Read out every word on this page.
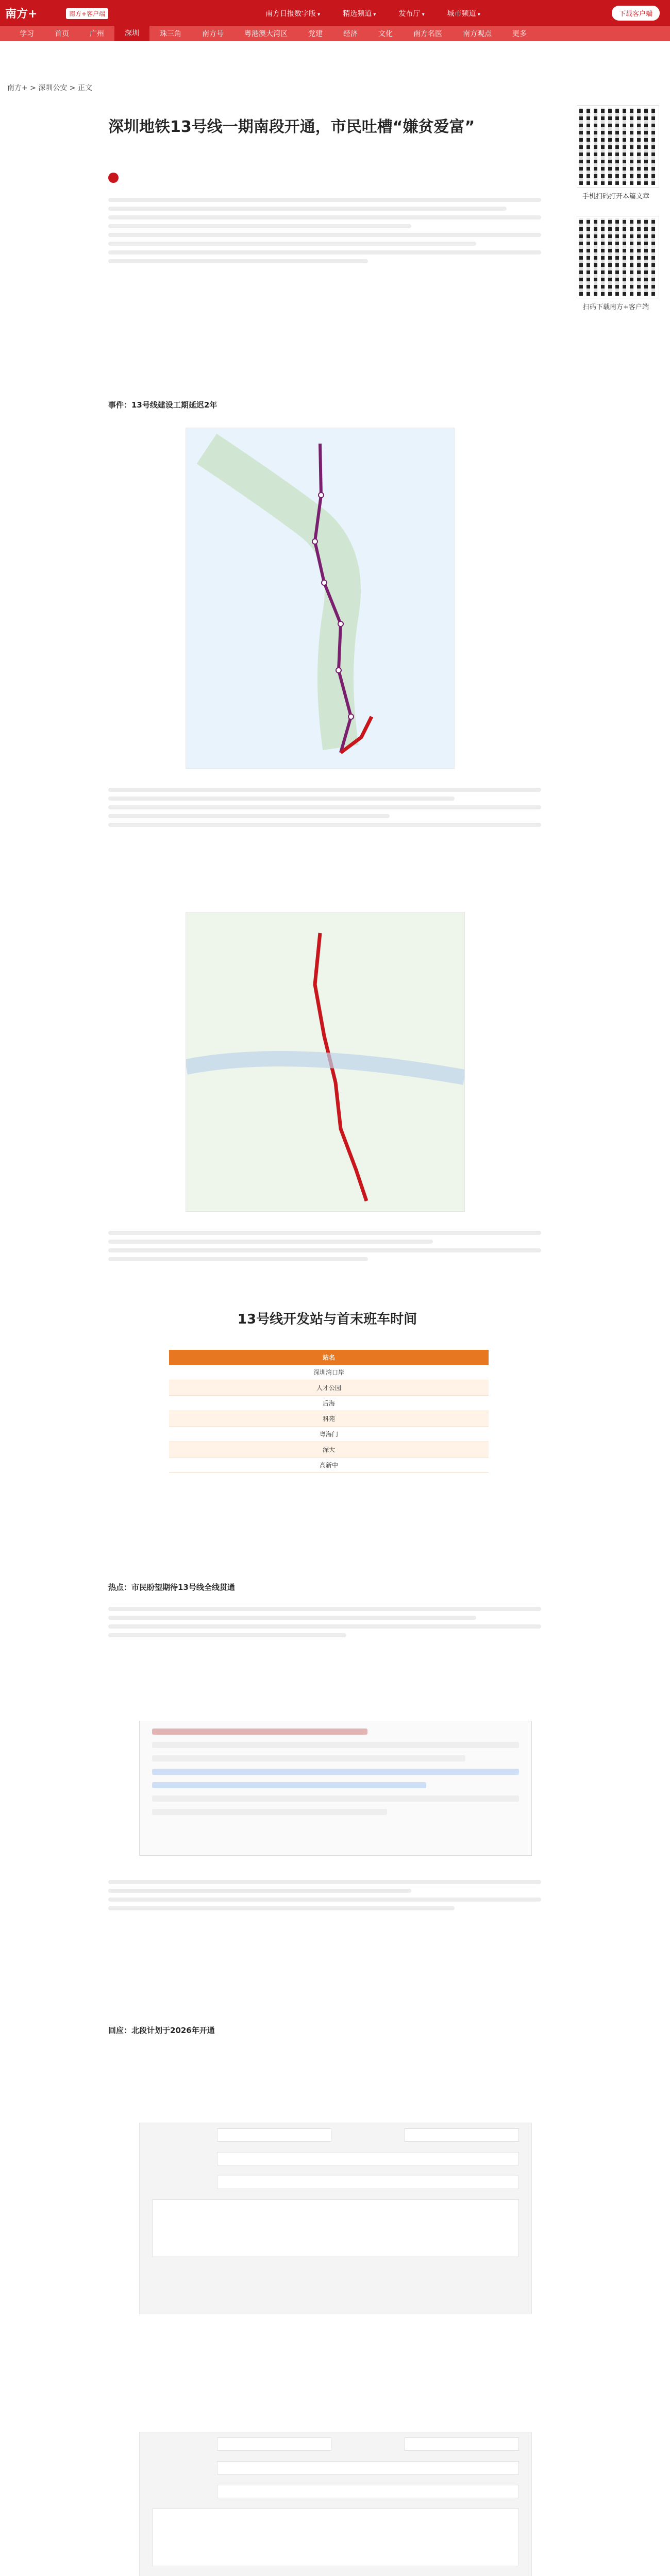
南方+	南方+客户端	南方日报数字版 ▾	精选频道 ▾	发布厅 ▾	城市频道 ▾	下载客户端
学习	首页	广州	深圳	珠三角	南方号	粤港澳大湾区	党建	经济	文化	南方名医	南方观点	更多
南方+ > 深圳公安 > 正文
深圳地铁13号线一期南段开通，市民吐槽“嫌贫爱富”
手机扫码打开本篇文章
扫码下载南方+客户端
事件：13号线建设工期延迟2年
13号线开发站与首末班车时间
站名						
深圳湾口岸						
人才公园						
后海						
科苑						
粤海门						
深大						
高新中						
热点：市民盼望期待13号线全线贯通
回应：北段计划于2026年开通
